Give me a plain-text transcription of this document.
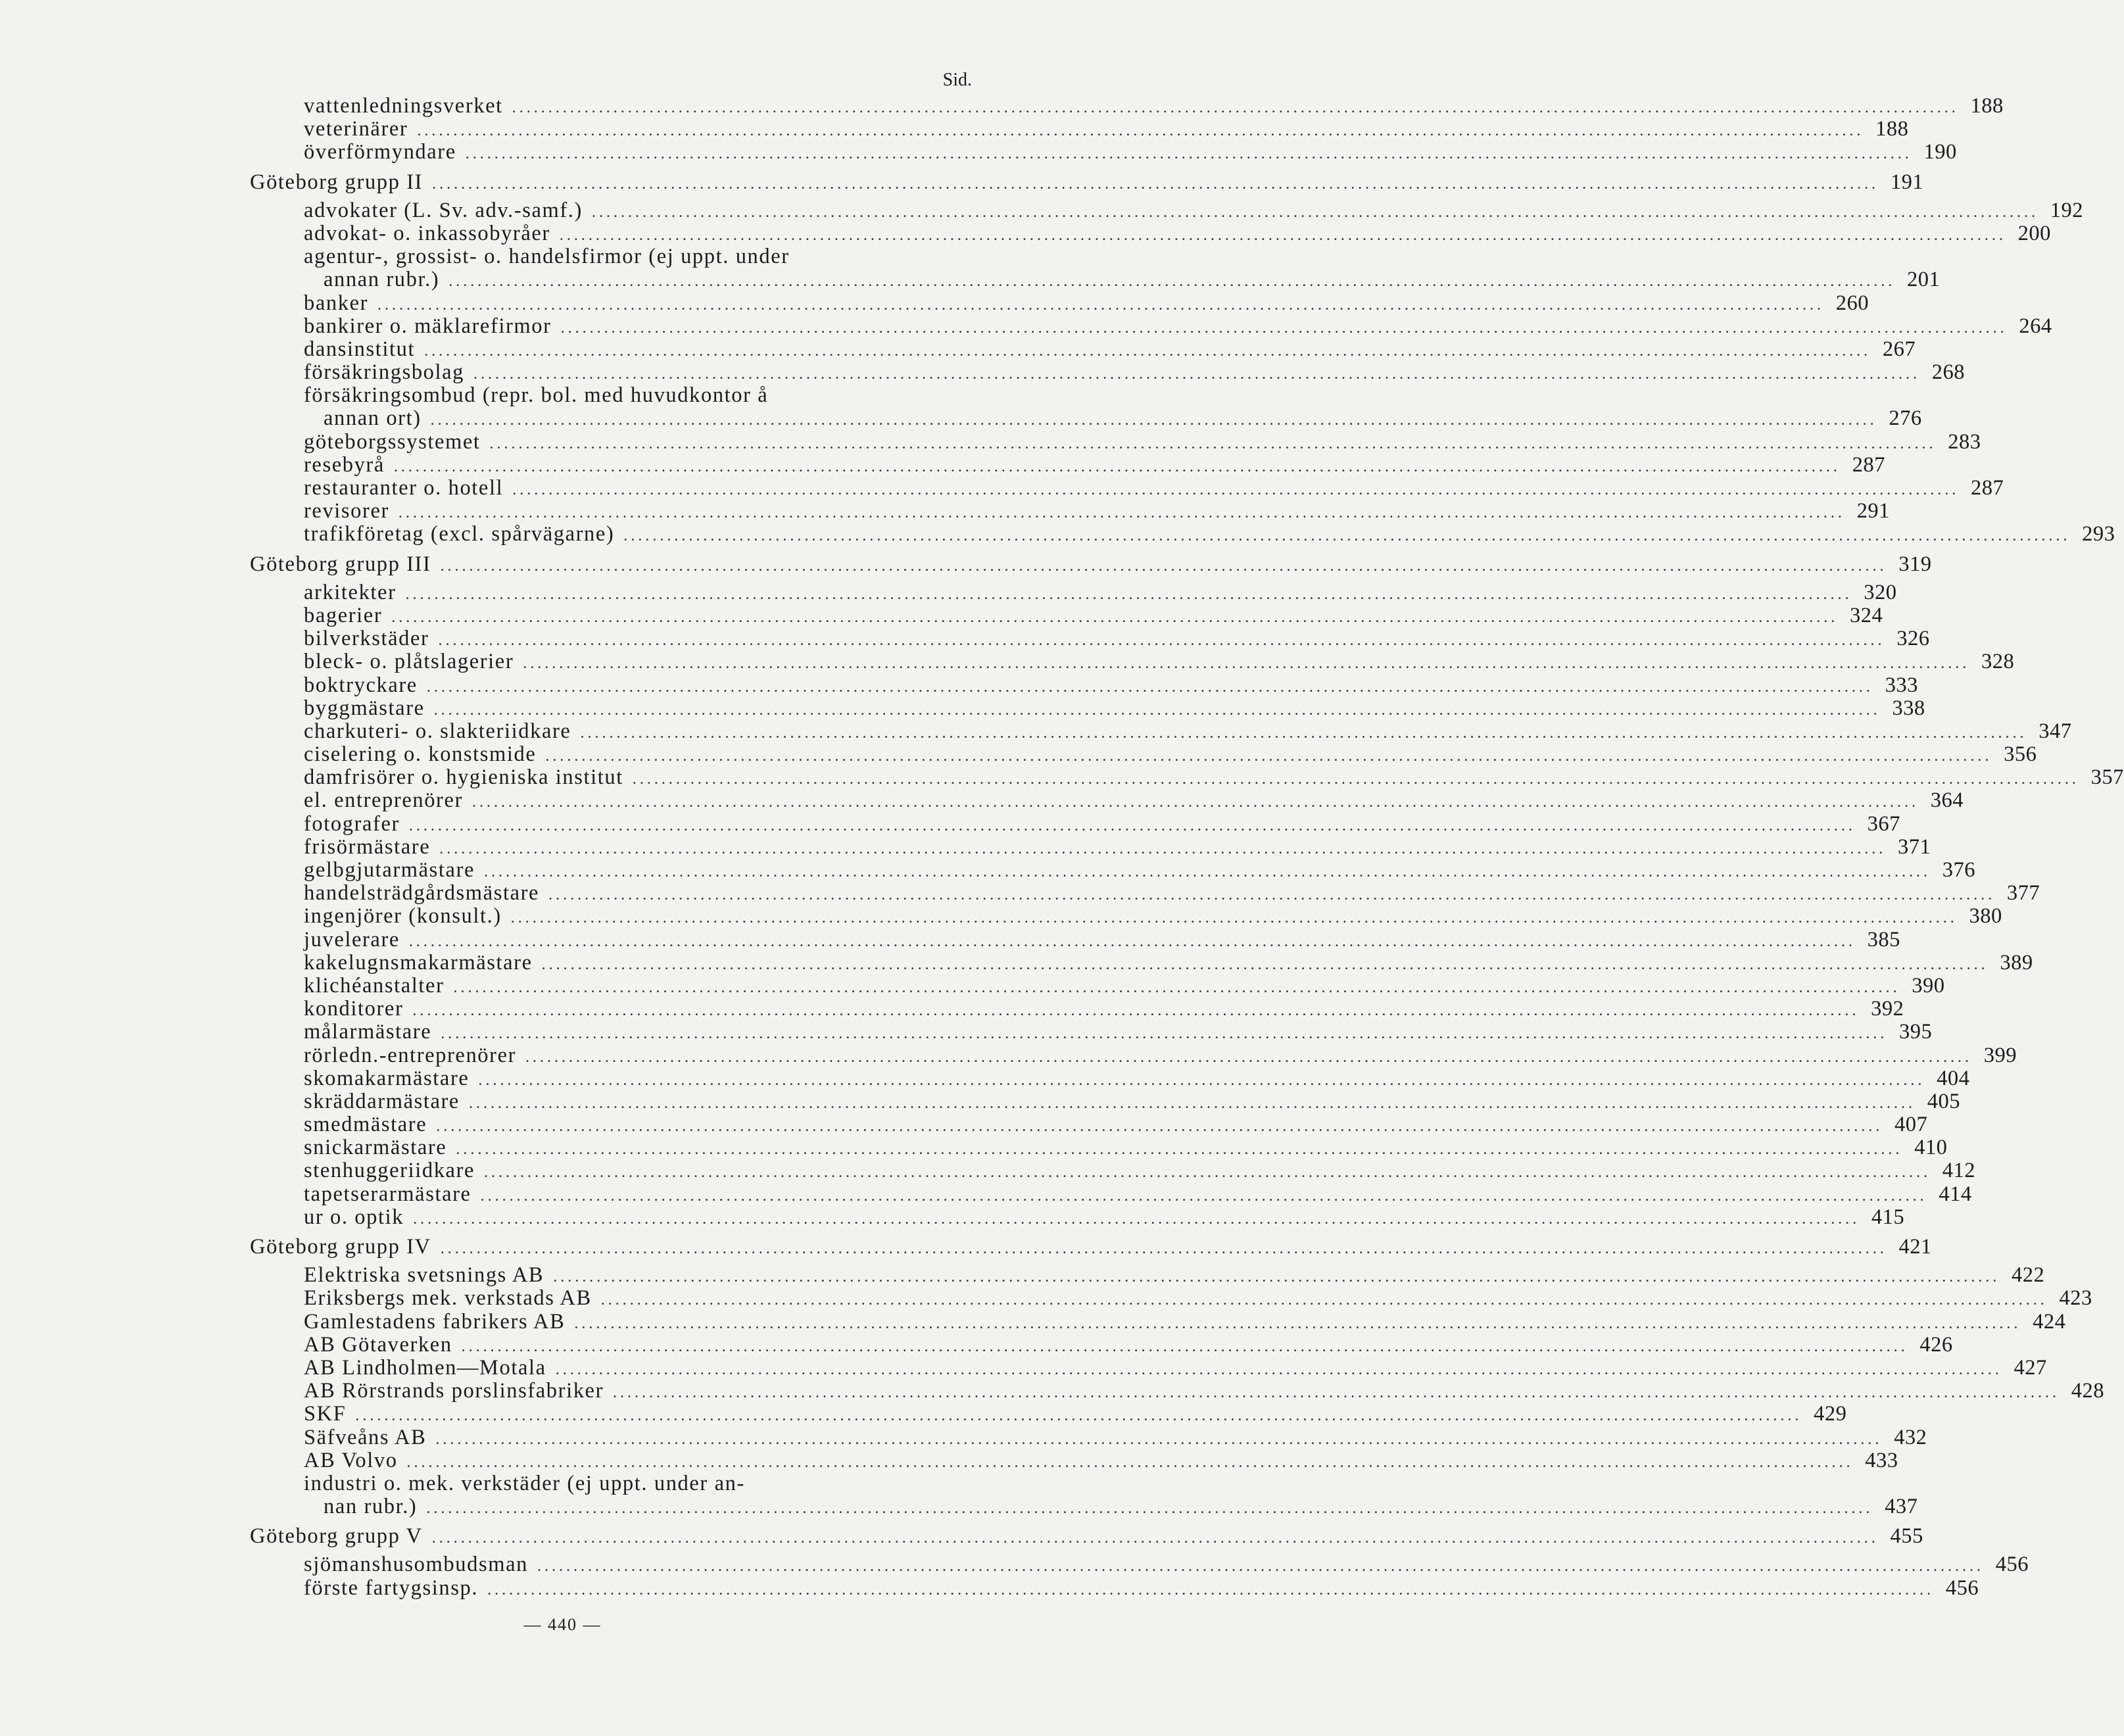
Sid.
vattenledningsverket ........................................................................................................................................................................................................ 188
veterinärer ........................................................................................................................................................................................................ 188
överförmyndare ........................................................................................................................................................................................................ 190
Göteborg grupp II ........................................................................................................................................................................................................ 191
advokater (L. Sv. adv.-samf.) ........................................................................................................................................................................................................ 192
advokat- o. inkassobyråer ........................................................................................................................................................................................................ 200
agentur-, grossist- o. handelsfirmor (ej uppt. under
annan rubr.) ........................................................................................................................................................................................................ 201
banker ........................................................................................................................................................................................................ 260
bankirer o. mäklarefirmor ........................................................................................................................................................................................................ 264
dansinstitut ........................................................................................................................................................................................................ 267
försäkringsbolag ........................................................................................................................................................................................................ 268
försäkringsombud (repr. bol. med huvudkontor å
annan ort) ........................................................................................................................................................................................................ 276
göteborgssystemet ........................................................................................................................................................................................................ 283
resebyrå ........................................................................................................................................................................................................ 287
restauranter o. hotell ........................................................................................................................................................................................................ 287
revisorer ........................................................................................................................................................................................................ 291
trafikföretag (excl. spårvägarne) ........................................................................................................................................................................................................ 293
Göteborg grupp III ........................................................................................................................................................................................................ 319
arkitekter ........................................................................................................................................................................................................ 320
bagerier ........................................................................................................................................................................................................ 324
bilverkstäder ........................................................................................................................................................................................................ 326
bleck- o. plåtslagerier ........................................................................................................................................................................................................ 328
boktryckare ........................................................................................................................................................................................................ 333
byggmästare ........................................................................................................................................................................................................ 338
charkuteri- o. slakteriidkare ........................................................................................................................................................................................................ 347
ciselering o. konstsmide ........................................................................................................................................................................................................ 356
damfrisörer o. hygieniska institut ........................................................................................................................................................................................................ 357
el. entreprenörer ........................................................................................................................................................................................................ 364
fotografer ........................................................................................................................................................................................................ 367
frisörmästare ........................................................................................................................................................................................................ 371
gelbgjutarmästare ........................................................................................................................................................................................................ 376
handelsträdgårdsmästare ........................................................................................................................................................................................................ 377
ingenjörer (konsult.) ........................................................................................................................................................................................................ 380
juvelerare ........................................................................................................................................................................................................ 385
kakelugnsmakarmästare ........................................................................................................................................................................................................ 389
klichéanstalter ........................................................................................................................................................................................................ 390
konditorer ........................................................................................................................................................................................................ 392
målarmästare ........................................................................................................................................................................................................ 395
rörledn.-entreprenörer ........................................................................................................................................................................................................ 399
skomakarmästare ........................................................................................................................................................................................................ 404
skräddarmästare ........................................................................................................................................................................................................ 405
smedmästare ........................................................................................................................................................................................................ 407
snickarmästare ........................................................................................................................................................................................................ 410
stenhuggeriidkare ........................................................................................................................................................................................................ 412
tapetserarmästare ........................................................................................................................................................................................................ 414
ur o. optik ........................................................................................................................................................................................................ 415
Göteborg grupp IV ........................................................................................................................................................................................................ 421
Elektriska svetsnings AB ........................................................................................................................................................................................................ 422
Eriksbergs mek. verkstads AB ........................................................................................................................................................................................................ 423
Gamlestadens fabrikers AB ........................................................................................................................................................................................................ 424
AB Götaverken ........................................................................................................................................................................................................ 426
AB Lindholmen—Motala ........................................................................................................................................................................................................ 427
AB Rörstrands porslinsfabriker ........................................................................................................................................................................................................ 428
SKF ........................................................................................................................................................................................................ 429
Säfveåns AB ........................................................................................................................................................................................................ 432
AB Volvo ........................................................................................................................................................................................................ 433
industri o. mek. verkstäder (ej uppt. under an-
nan rubr.) ........................................................................................................................................................................................................ 437
Göteborg grupp V ........................................................................................................................................................................................................ 455
sjömanshusombudsman ........................................................................................................................................................................................................ 456
förste fartygsinsp. ........................................................................................................................................................................................................ 456
— 440 —
